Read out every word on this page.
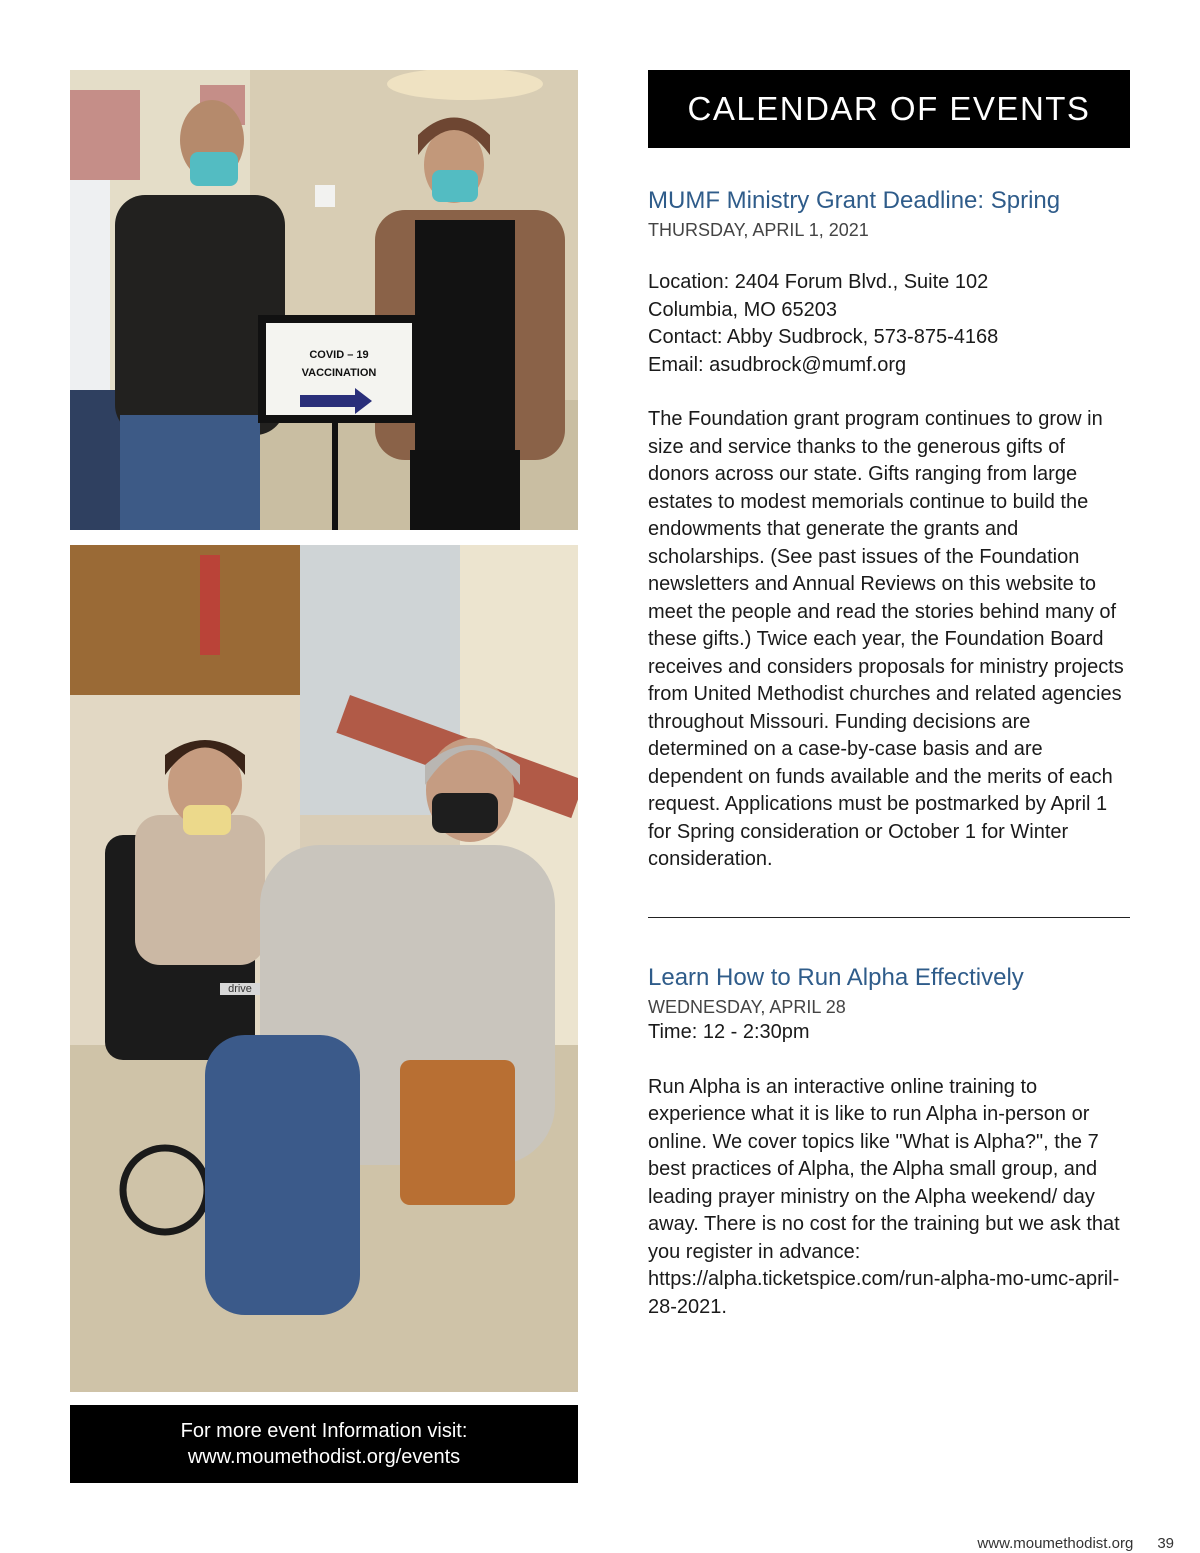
COVID – 19
VACCINATION
drive
For more event Information visit:
www.moumethodist.org/events
CALENDAR OF EVENTS
MUMF Ministry Grant Deadline: Spring
THURSDAY, APRIL 1, 2021
Location: 2404 Forum Blvd., Suite 102
Columbia, MO 65203
Contact: Abby Sudbrock, 573-875-4168
Email: asudbrock@mumf.org

The Foundation grant program continues to grow in size and service thanks to the generous gifts of donors across our state. Gifts ranging from large estates to modest memorials continue to build the endowments that generate the grants and scholarships. (See past issues of the Foundation newsletters and Annual Reviews on this website to meet the people and read the stories behind many of these gifts.) Twice each year, the Foundation Board receives and considers proposals for ministry projects from United Methodist churches and related agencies throughout Missouri. Funding decisions are determined on a case-by-case basis and are dependent on funds available and the merits of each request. Applications must be postmarked by April 1 for Spring consideration or October 1 for Winter consideration.

Learn How to Run Alpha Effectively
WEDNESDAY, APRIL 28
Time: 12 - 2:30pm

Run Alpha is an interactive online training to experience what it is like to run Alpha in-person or online. We cover topics like "What is Alpha?", the 7 best practices of Alpha, the Alpha small group, and leading prayer ministry on the Alpha weekend/ day away. There is no cost for the training but we ask that you register in advance: https://alpha.ticketspice.com/run-alpha-mo-umc-april-28-2021.

www.moumethodist.org 39
